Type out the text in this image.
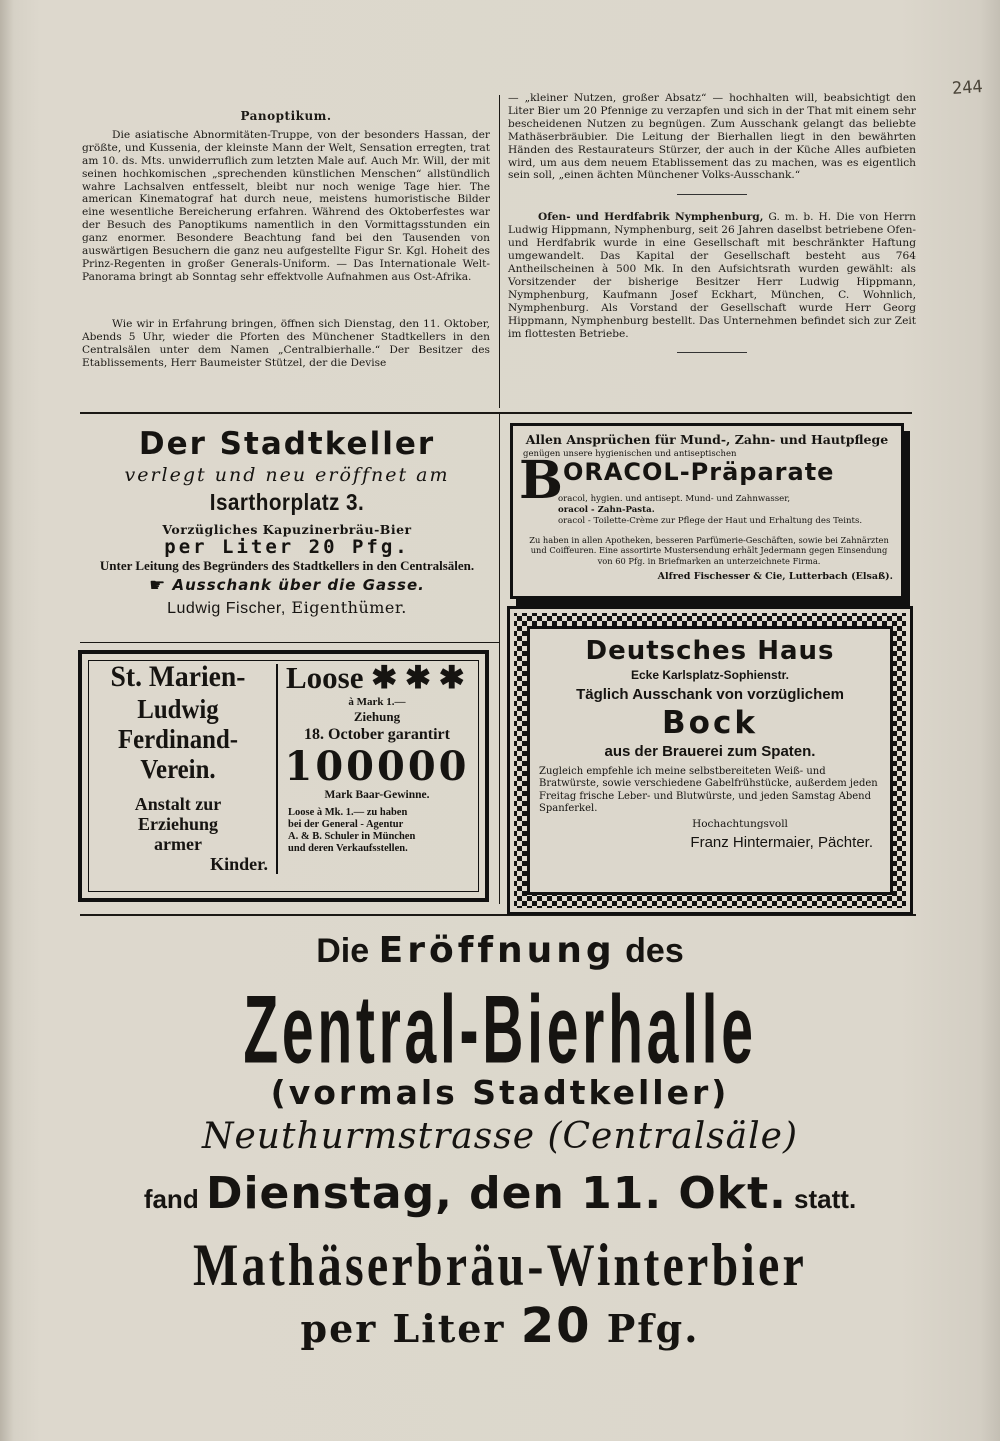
244

Panoptikum.

Die asiatische Abnormitäten-Truppe, von der besonders Hassan, der größte, und Kussenia, der kleinste Mann der Welt, Sensation erregten, trat am 10. ds. Mts. unwiderruflich zum letzten Male auf. Auch Mr. Will, der mit seinen hochkomischen „sprechenden künstlichen Menschen“ allstündlich wahre Lachsalven entfesselt, bleibt nur noch wenige Tage hier. The american Kinematograf hat durch neue, meistens humoristische Bilder eine wesentliche Bereicherung erfahren. Während des Oktoberfestes war der Besuch des Panoptikums namentlich in den Vormittagsstunden ein ganz enormer. Besondere Beachtung fand bei den Tausenden von auswärtigen Besuchern die ganz neu aufgestellte Figur Sr. Kgl. Hoheit des Prinz-Regenten in großer Generals-Uniform. — Das Internationale Welt-Panorama bringt ab Sonntag sehr effektvolle Aufnahmen aus Ost-Afrika.

Wie wir in Erfahrung bringen, öffnen sich Dienstag, den 11. Oktober, Abends 5 Uhr, wieder die Pforten des Münchener Stadtkellers in den Centralsälen unter dem Namen „Centralbierhalle.“ Der Besitzer des Etablissements, Herr Baumeister Stützel, der die Devise

— „kleiner Nutzen, großer Absatz“ — hochhalten will, beabsichtigt den Liter Bier um 20 Pfennige zu verzapfen und sich in der That mit einem sehr bescheidenen Nutzen zu begnügen. Zum Ausschank gelangt das beliebte Mathäserbräubier. Die Leitung der Bierhallen liegt in den bewährten Händen des Restaurateurs Stürzer, der auch in der Küche Alles aufbieten wird, um aus dem neuem Etablissement das zu machen, was es eigentlich sein soll, „einen ächten Münchener Volks-Ausschank.“

Ofen- und Herdfabrik Nymphenburg, G. m. b. H. Die von Herrn Ludwig Hippmann, Nymphenburg, seit 26 Jahren daselbst betriebene Ofen- und Herdfabrik wurde in eine Gesellschaft mit beschränkter Haftung umgewandelt. Das Kapital der Gesellschaft besteht aus 764 Antheilscheinen à 500 Mk. In den Aufsichtsrath wurden gewählt: als Vorsitzender der bisherige Besitzer Herr Ludwig Hippmann, Nymphenburg, Kaufmann Josef Eckhart, München, C. Wohnlich, Nymphenburg. Als Vorstand der Gesellschaft wurde Herr Georg Hippmann, Nymphenburg bestellt. Das Unternehmen befindet sich zur Zeit im flottesten Betriebe.

Der Stadtkeller
verlegt und neu eröffnet am
Isarthorplatz 3.
Vorzügliches Kapuzinerbräu-Bier
per Liter 20 Pfg.
Unter Leitung des Begründers des Stadtkellers in den Centralsälen.
☛ Ausschank über die Gasse.
Ludwig Fischer, Eigenthümer.
Allen Ansprüchen für Mund-, Zahn- und Hautpflege
genügen unsere hygienischen und antiseptischen
B ORACOL-Präparate
oracol, hygien. und antisept. Mund- und Zahnwasser,
oracol - Zahn-Pasta.
oracol - Toilette-Crème zur Pflege der Haut und Erhaltung des Teints.
Zu haben in allen Apotheken, besseren Parfümerie-Geschäften, sowie bei Zahnärzten und Coiffeuren. Eine assortirte Mustersendung erhält Jedermann gegen Einsendung von 60 Pfg. in Briefmarken an unterzeichnete Firma.
Alfred Fischesser & Cie, Lutterbach (Elsaß).
St. Marien-
Ludwig
Ferdinand-
Verein.
Anstalt zur
Erziehung
armer
Kinder.
Loose ✱ ✱ ✱
à Mark 1.—
Ziehung
18. October garantirt
100000
Mark Baar-Gewinne.
Loose à Mk. 1.— zu haben
bei der General - Agentur
A. & B. Schuler in München
und deren Verkaufsstellen.
Deutsches Haus
Ecke Karlsplatz-Sophienstr.
Täglich Ausschank von vorzüglichem
Bock
aus der Brauerei zum Spaten.
Zugleich empfehle ich meine selbstbereiteten Weiß- und Bratwürste, sowie verschiedene Gabelfrühstücke, außerdem jeden Freitag frische Leber- und Blutwürste, und jeden Samstag Abend Spanferkel.
Hochachtungsvoll
Franz Hintermaier, Pächter.
Die Eröffnung des
Zentral-Bierhalle
(vormals Stadtkeller)
Neuthurmstrasse (Centralsäle)
fand Dienstag, den 11. Okt. statt.
Mathäserbräu-Winterbier
per Liter 20 Pfg.
